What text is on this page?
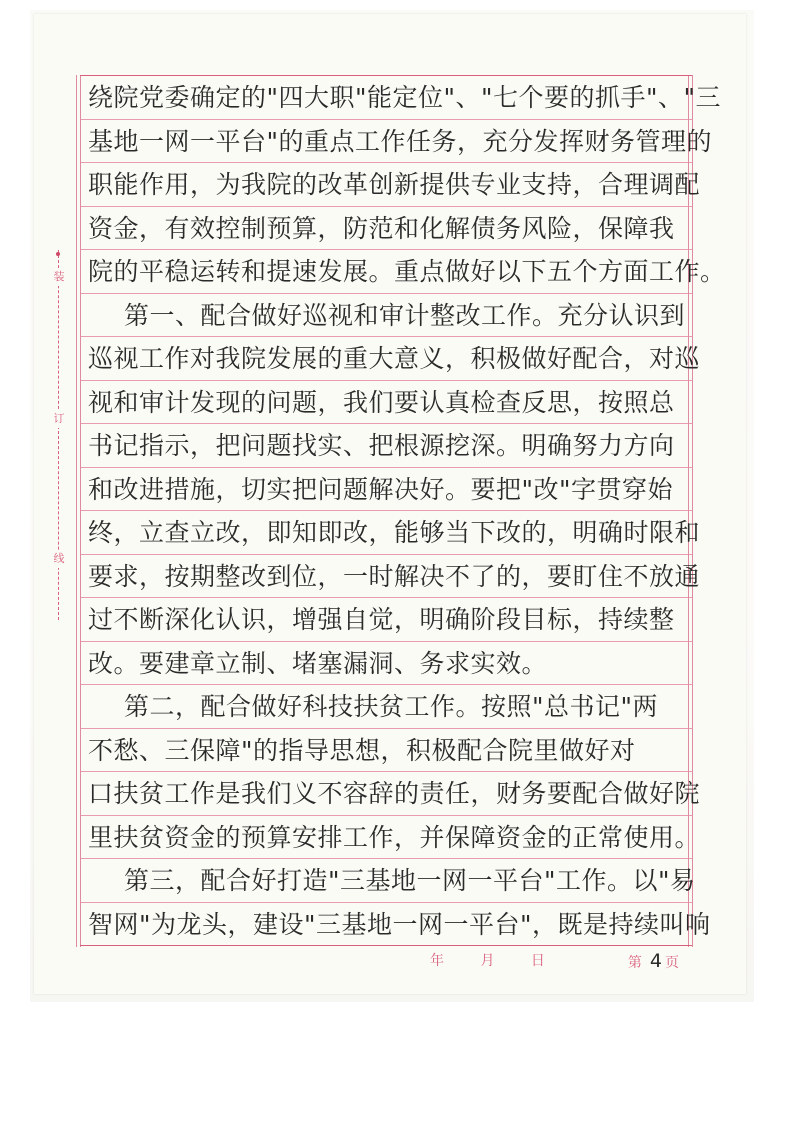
装
订
线
绕院党委确定的"四大职"能定位"、"七个要的抓手"、"三
基地一网一平台"的重点工作任务，充分发挥财务管理的
职能作用，为我院的改革创新提供专业支持，合理调配
资金，有效控制预算，防范和化解债务风险，保障我
院的平稳运转和提速发展。重点做好以下五个方面工作。
第一、配合做好巡视和审计整改工作。充分认识到
巡视工作对我院发展的重大意义，积极做好配合，对巡
视和审计发现的问题，我们要认真检查反思，按照总
书记指示，把问题找实、把根源挖深。明确努力方向
和改进措施，切实把问题解决好。要把"改"字贯穿始
终，立查立改，即知即改，能够当下改的，明确时限和
要求，按期整改到位，一时解决不了的，要盯住不放通
过不断深化认识，增强自觉，明确阶段目标，持续整
改。要建章立制、堵塞漏洞、务求实效。
第二，配合做好科技扶贫工作。按照"总书记"两
不愁、三保障"的指导思想，积极配合院里做好对
口扶贫工作是我们义不容辞的责任，财务要配合做好院
里扶贫资金的预算安排工作，并保障资金的正常使用。
第三，配合好打造"三基地一网一平台"工作。以"易
智网"为龙头，建设"三基地一网一平台"，既是持续叫响
年 月 日	第 4 页
